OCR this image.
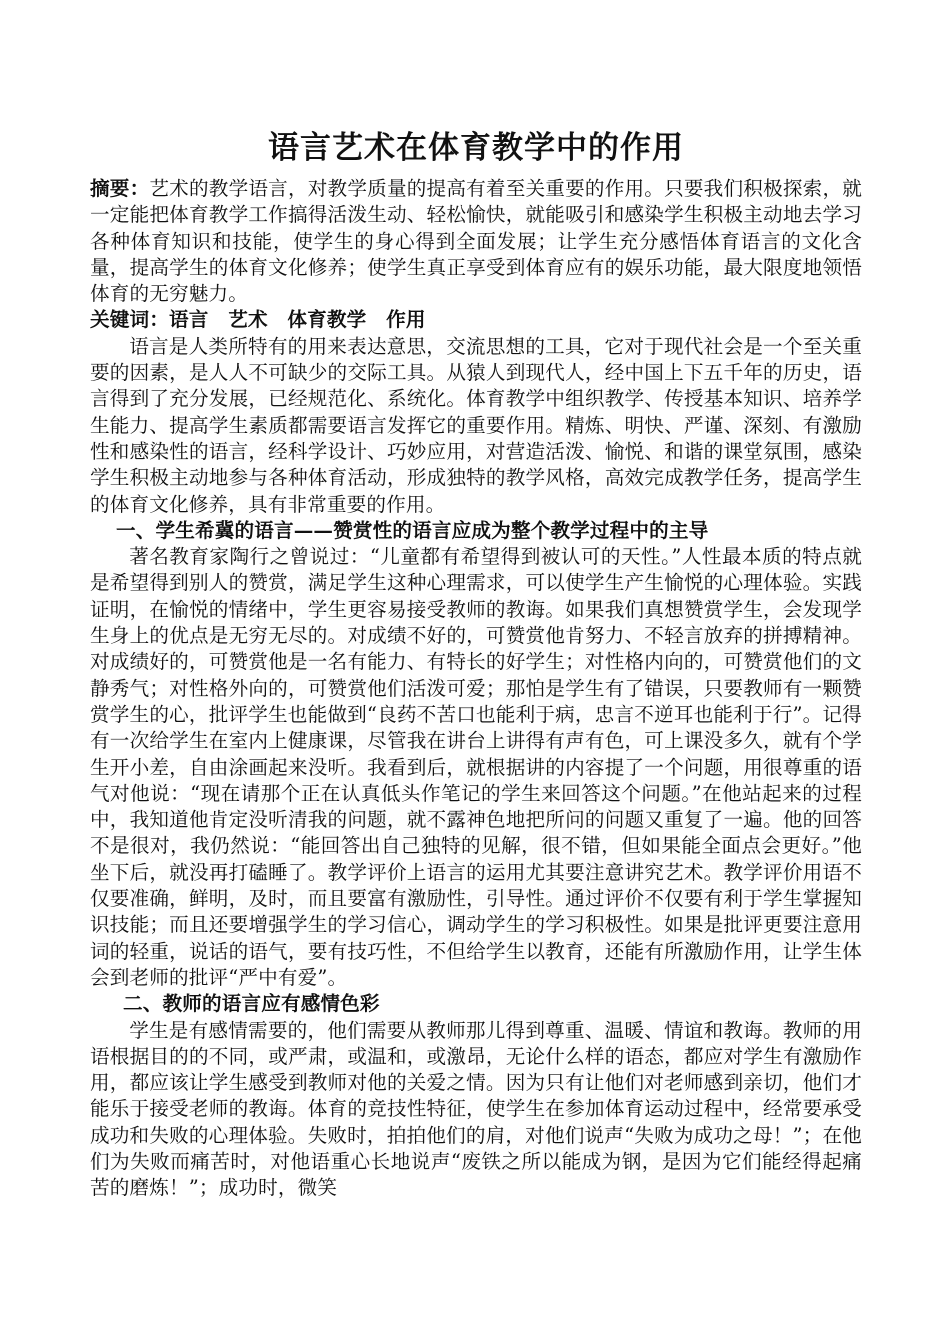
语言艺术在体育教学中的作用

摘要：艺术的教学语言，对教学质量的提高有着至关重要的作用。只要我们积极探索，就一定能把体育教学工作搞得活泼生动、轻松愉快，就能吸引和感染学生积极主动地去学习各种体育知识和技能，使学生的身心得到全面发展；让学生充分感悟体育语言的文化含量，提高学生的体育文化修养；使学生真正享受到体育应有的娱乐功能，最大限度地领悟体育的无穷魅力。

关键词：语言　艺术　体育教学　作用

语言是人类所特有的用来表达意思，交流思想的工具，它对于现代社会是一个至关重要的因素，是人人不可缺少的交际工具。从猿人到现代人，经中国上下五千年的历史，语言得到了充分发展，已经规范化、系统化。体育教学中组织教学、传授基本知识、培养学生能力、提高学生素质都需要语言发挥它的重要作用。精炼、明快、严谨、深刻、有激励性和感染性的语言，经科学设计、巧妙应用，对营造活泼、愉悦、和谐的课堂氛围，感染学生积极主动地参与各种体育活动，形成独特的教学风格，高效完成教学任务，提高学生的体育文化修养，具有非常重要的作用。

一、学生希冀的语言——赞赏性的语言应成为整个教学过程中的主导

著名教育家陶行之曾说过：“儿童都有希望得到被认可的天性。”人性最本质的特点就是希望得到别人的赞赏，满足学生这种心理需求，可以使学生产生愉悦的心理体验。实践证明，在愉悦的情绪中，学生更容易接受教师的教诲。如果我们真想赞赏学生，会发现学生身上的优点是无穷无尽的。对成绩不好的，可赞赏他肯努力、不轻言放弃的拼搏精神。对成绩好的，可赞赏他是一名有能力、有特长的好学生；对性格内向的，可赞赏他们的文静秀气；对性格外向的，可赞赏他们活泼可爱；那怕是学生有了错误，只要教师有一颗赞赏学生的心，批评学生也能做到“良药不苦口也能利于病，忠言不逆耳也能利于行”。记得有一次给学生在室内上健康课，尽管我在讲台上讲得有声有色，可上课没多久，就有个学生开小差，自由涂画起来没听。我看到后，就根据讲的内容提了一个问题，用很尊重的语气对他说：“现在请那个正在认真低头作笔记的学生来回答这个问题。”在他站起来的过程中，我知道他肯定没听清我的问题，就不露神色地把所问的问题又重复了一遍。他的回答不是很对，我仍然说：“能回答出自己独特的见解，很不错，但如果能全面点会更好。”他坐下后，就没再打磕睡了。教学评价上语言的运用尤其要注意讲究艺术。教学评价用语不仅要准确，鲜明，及时，而且要富有激励性，引导性。通过评价不仅要有利于学生掌握知识技能；而且还要增强学生的学习信心，调动学生的学习积极性。如果是批评更要注意用词的轻重，说话的语气，要有技巧性，不但给学生以教育，还能有所激励作用，让学生体会到老师的批评“严中有爱”。

二、教师的语言应有感情色彩

学生是有感情需要的，他们需要从教师那儿得到尊重、温暖、情谊和教诲。教师的用语根据目的的不同，或严肃，或温和，或激昂，无论什么样的语态，都应对学生有激励作用，都应该让学生感受到教师对他的关爱之情。因为只有让他们对老师感到亲切，他们才能乐于接受老师的教诲。体育的竞技性特征，使学生在参加体育运动过程中，经常要承受成功和失败的心理体验。失败时，拍拍他们的肩，对他们说声“失败为成功之母！”；在他们为失败而痛苦时，对他语重心长地说声“废铁之所以能成为钢，是因为它们能经得起痛苦的磨炼！”；成功时，微笑
